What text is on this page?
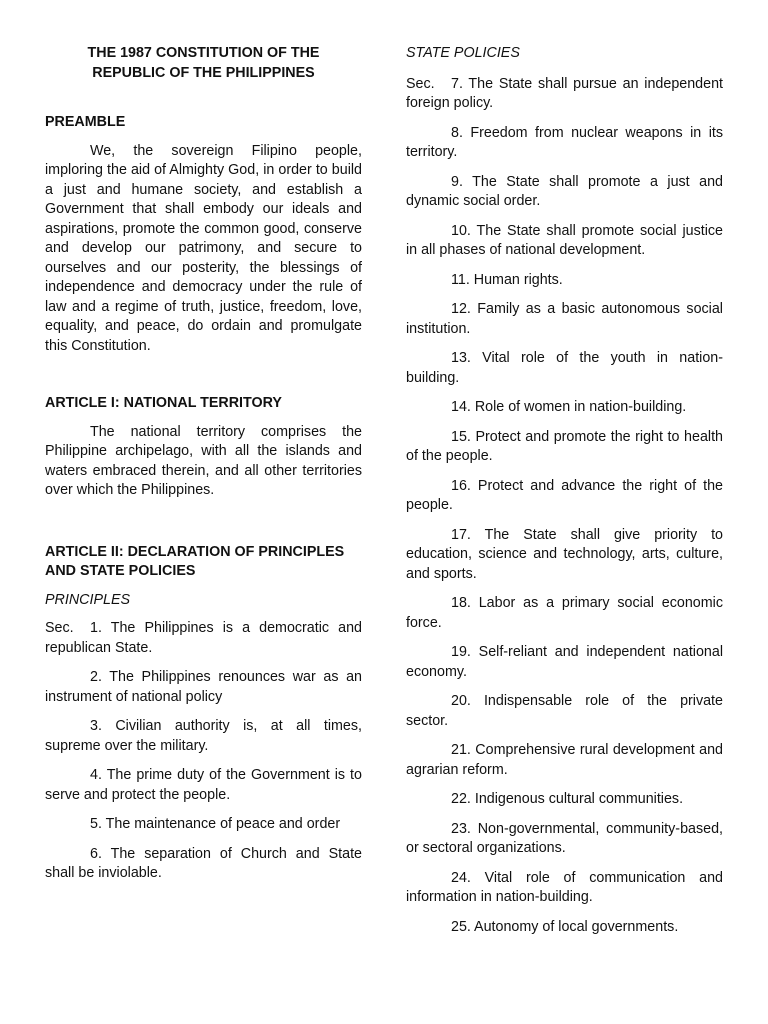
THE 1987 CONSTITUTION OF THE
REPUBLIC OF THE PHILIPPINES
PREAMBLE

We, the sovereign Filipino people, imploring the aid of Almighty God, in order to build a just and humane society, and establish a Government that shall embody our ideals and aspirations, promote the common good, conserve and develop our patrimony, and secure to ourselves and our posterity, the blessings of independence and democracy under the rule of law and a regime of truth, justice, freedom, love, equality, and peace, do ordain and promulgate this Constitution.

ARTICLE I: NATIONAL TERRITORY

The national territory comprises the Philippine archipelago, with all the islands and waters embraced therein, and all other territories over which the Philippines.

ARTICLE II: DECLARATION OF PRINCIPLES AND STATE POLICIES
PRINCIPLES

Sec. 1. The Philippines is a democratic and republican State.

2. The Philippines renounces war as an instrument of national policy

3. Civilian authority is, at all times, supreme over the military.

4. The prime duty of the Government is to serve and protect the people.

5. The maintenance of peace and order

6. The separation of Church and State shall be inviolable.

STATE POLICIES

Sec. 7. The State shall pursue an independent foreign policy.

8. Freedom from nuclear weapons in its territory.

9. The State shall promote a just and dynamic social order.

10. The State shall promote social justice in all phases of national development.

11. Human rights.

12. Family as a basic autonomous social institution.

13. Vital role of the youth in nation-building.

14. Role of women in nation-building.

15. Protect and promote the right to health of the people.

16. Protect and advance the right of the people.

17. The State shall give priority to education, science and technology, arts, culture, and sports.

18. Labor as a primary social economic force.

19. Self-reliant and independent national economy.

20. Indispensable role of the private sector.

21. Comprehensive rural development and agrarian reform.

22. Indigenous cultural communities.

23. Non-governmental, community-based, or sectoral organizations.

24. Vital role of communication and information in nation-building.

25. Autonomy of local governments.
